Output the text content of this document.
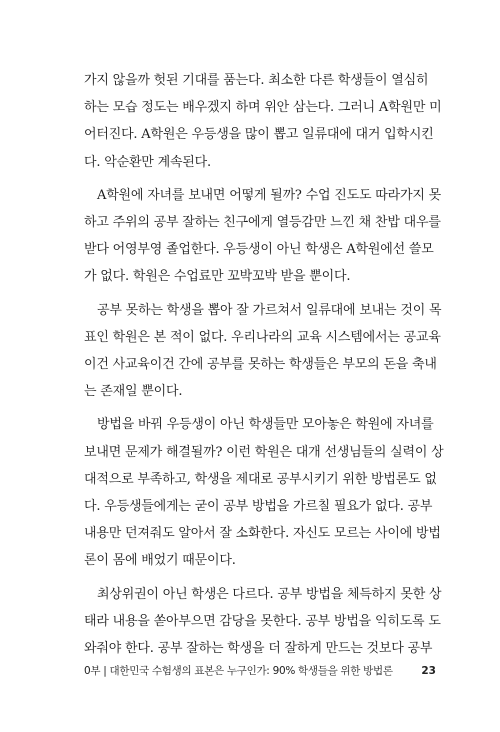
가지 않을까 헛된 기대를 품는다. 최소한 다른 학생들이 열심히
하는 모습 정도는 배우겠지 하며 위안 삼는다. 그러니 A학원만 미
어터진다. A학원은 우등생을 많이 뽑고 일류대에 대거 입학시킨
다. 악순환만 계속된다.
A학원에 자녀를 보내면 어떻게 될까? 수업 진도도 따라가지 못
하고 주위의 공부 잘하는 친구에게 열등감만 느낀 채 찬밥 대우를
받다 어영부영 졸업한다. 우등생이 아닌 학생은 A학원에선 쓸모
가 없다. 학원은 수업료만 꼬박꼬박 받을 뿐이다.
공부 못하는 학생을 뽑아 잘 가르쳐서 일류대에 보내는 것이 목
표인 학원은 본 적이 없다. 우리나라의 교육 시스템에서는 공교육
이건 사교육이건 간에 공부를 못하는 학생들은 부모의 돈을 축내
는 존재일 뿐이다.
방법을 바꿔 우등생이 아닌 학생들만 모아놓은 학원에 자녀를
보내면 문제가 해결될까? 이런 학원은 대개 선생님들의 실력이 상
대적으로 부족하고, 학생을 제대로 공부시키기 위한 방법론도 없
다. 우등생들에게는 굳이 공부 방법을 가르칠 필요가 없다. 공부
내용만 던져줘도 알아서 잘 소화한다. 자신도 모르는 사이에 방법
론이 몸에 배었기 때문이다.
최상위권이 아닌 학생은 다르다. 공부 방법을 체득하지 못한 상
태라 내용을 쏟아부으면 감당을 못한다. 공부 방법을 익히도록 도
와줘야 한다. 공부 잘하는 학생을 더 잘하게 만드는 것보다 공부
0부 | 대한민국 수험생의 표본은 누구인가: 90% 학생들을 위한 방법론	23
